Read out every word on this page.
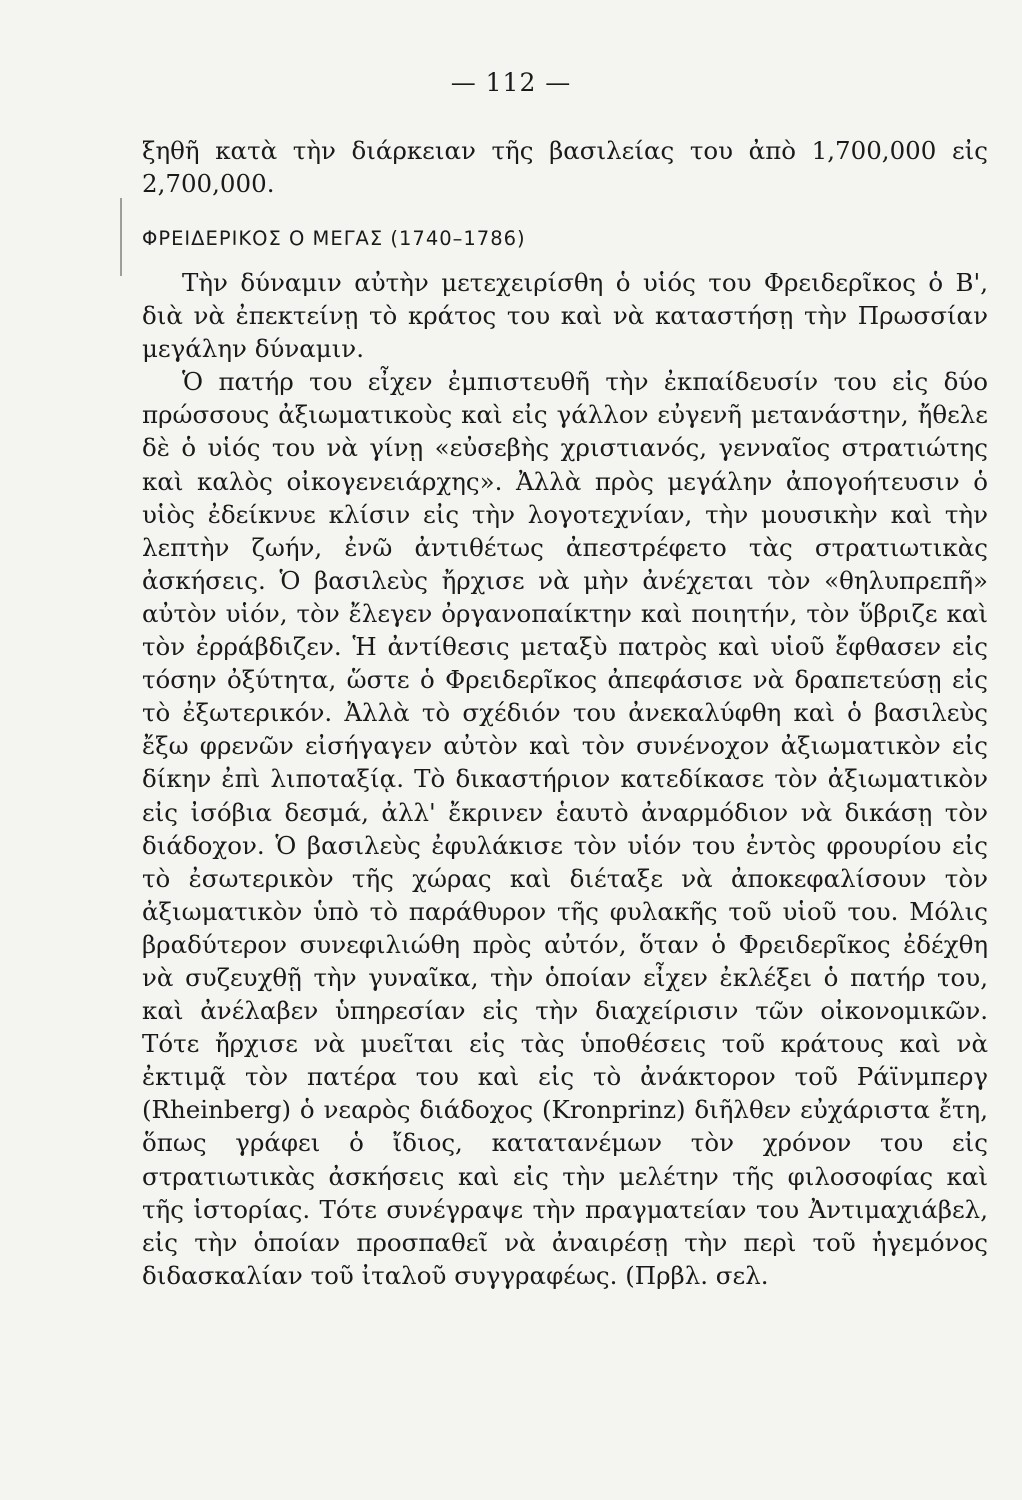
— 112 —

ξηθῆ κατὰ τὴν διάρκειαν τῆς βασιλείας του ἀπὸ 1,700,000 εἰς 2,700,000.

ΦΡΕΙΔΕΡΙΚΟΣ Ο ΜΕΓΑΣ (1740–1786)

Τὴν δύναμιν αὐτὴν μετεχειρίσθη ὁ υἱός του Φρειδερῖκος ὁ Β', διὰ νὰ ἐπεκτείνῃ τὸ κράτος του καὶ νὰ καταστήσῃ τὴν Πρωσσίαν μεγάλην δύναμιν.

Ὁ πατήρ του εἶχεν ἐμπιστευθῆ τὴν ἐκπαίδευσίν του εἰς δύο πρώσσους ἀξιωματικοὺς καὶ εἰς γάλλον εὐγενῆ μετανάστην, ἤθελε δὲ ὁ υἱός του νὰ γίνῃ «εὐσεβὴς χριστιανός, γενναῖος στρατιώτης καὶ καλὸς οἰκογενειάρχης». Ἀλλὰ πρὸς μεγάλην ἀπογοήτευσιν ὁ υἱὸς ἐδείκνυε κλίσιν εἰς τὴν λογοτεχνίαν, τὴν μουσικὴν καὶ τὴν λεπτὴν ζωήν, ἐνῶ ἀντιθέτως ἀπεστρέφετο τὰς στρατιωτικὰς ἀσκήσεις. Ὁ βασιλεὺς ἤρχισε νὰ μὴν ἀνέχεται τὸν «θηλυπρεπῆ» αὐτὸν υἱόν, τὸν ἔλεγεν ὀργανοπαίκτην καὶ ποιητήν, τὸν ὕβριζε καὶ τὸν ἐρράβδιζεν. Ἡ ἀντίθεσις μεταξὺ πατρὸς καὶ υἱοῦ ἔφθασεν εἰς τόσην ὀξύτητα, ὥστε ὁ Φρειδερῖκος ἀπεφάσισε νὰ δραπετεύσῃ εἰς τὸ ἐξωτερικόν. Ἀλλὰ τὸ σχέδιόν του ἀνεκαλύφθη καὶ ὁ βασιλεὺς ἔξω φρενῶν εἰσήγαγεν αὐτὸν καὶ τὸν συνένοχον ἀξιωματικὸν εἰς δίκην ἐπὶ λιποταξίᾳ. Τὸ δικαστήριον κατεδίκασε τὸν ἀξιωματικὸν εἰς ἰσόβια δεσμά, ἀλλ' ἔκρινεν ἑαυτὸ ἀναρμόδιον νὰ δικάσῃ τὸν διάδοχον. Ὁ βασιλεὺς ἐφυλάκισε τὸν υἱόν του ἐντὸς φρουρίου εἰς τὸ ἐσωτερικὸν τῆς χώρας καὶ διέταξε νὰ ἀποκεφαλίσουν τὸν ἀξιωματικὸν ὑπὸ τὸ παράθυρον τῆς φυλακῆς τοῦ υἱοῦ του. Μόλις βραδύτερον συνεφιλιώθη πρὸς αὐτόν, ὅταν ὁ Φρειδερῖκος ἐδέχθη νὰ συζευχθῇ τὴν γυναῖκα, τὴν ὁποίαν εἶχεν ἐκλέξει ὁ πατήρ του, καὶ ἀνέλαβεν ὑπηρεσίαν εἰς τὴν διαχείρισιν τῶν οἰκονομικῶν. Τότε ἤρχισε νὰ μυεῖται εἰς τὰς ὑποθέσεις τοῦ κράτους καὶ νὰ ἐκτιμᾷ τὸν πατέρα του καὶ εἰς τὸ ἀνάκτορον τοῦ Ράϊνμπεργ (Rheinberg) ὁ νεαρὸς διάδοχος (Kronprinz) διῆλθεν εὐχάριστα ἔτη, ὅπως γράφει ὁ ἴδιος, κατατανέμων τὸν χρόνον του εἰς στρατιωτικὰς ἀσκήσεις καὶ εἰς τὴν μελέτην τῆς φιλοσοφίας καὶ τῆς ἱστορίας. Τότε συνέγραψε τὴν πραγματείαν του Ἀντιμαχιάβελ, εἰς τὴν ὁποίαν προσπαθεῖ νὰ ἀναιρέσῃ τὴν περὶ τοῦ ἡγεμόνος διδασκαλίαν τοῦ ἰταλοῦ συγγραφέως. (Πρβλ. σελ.
